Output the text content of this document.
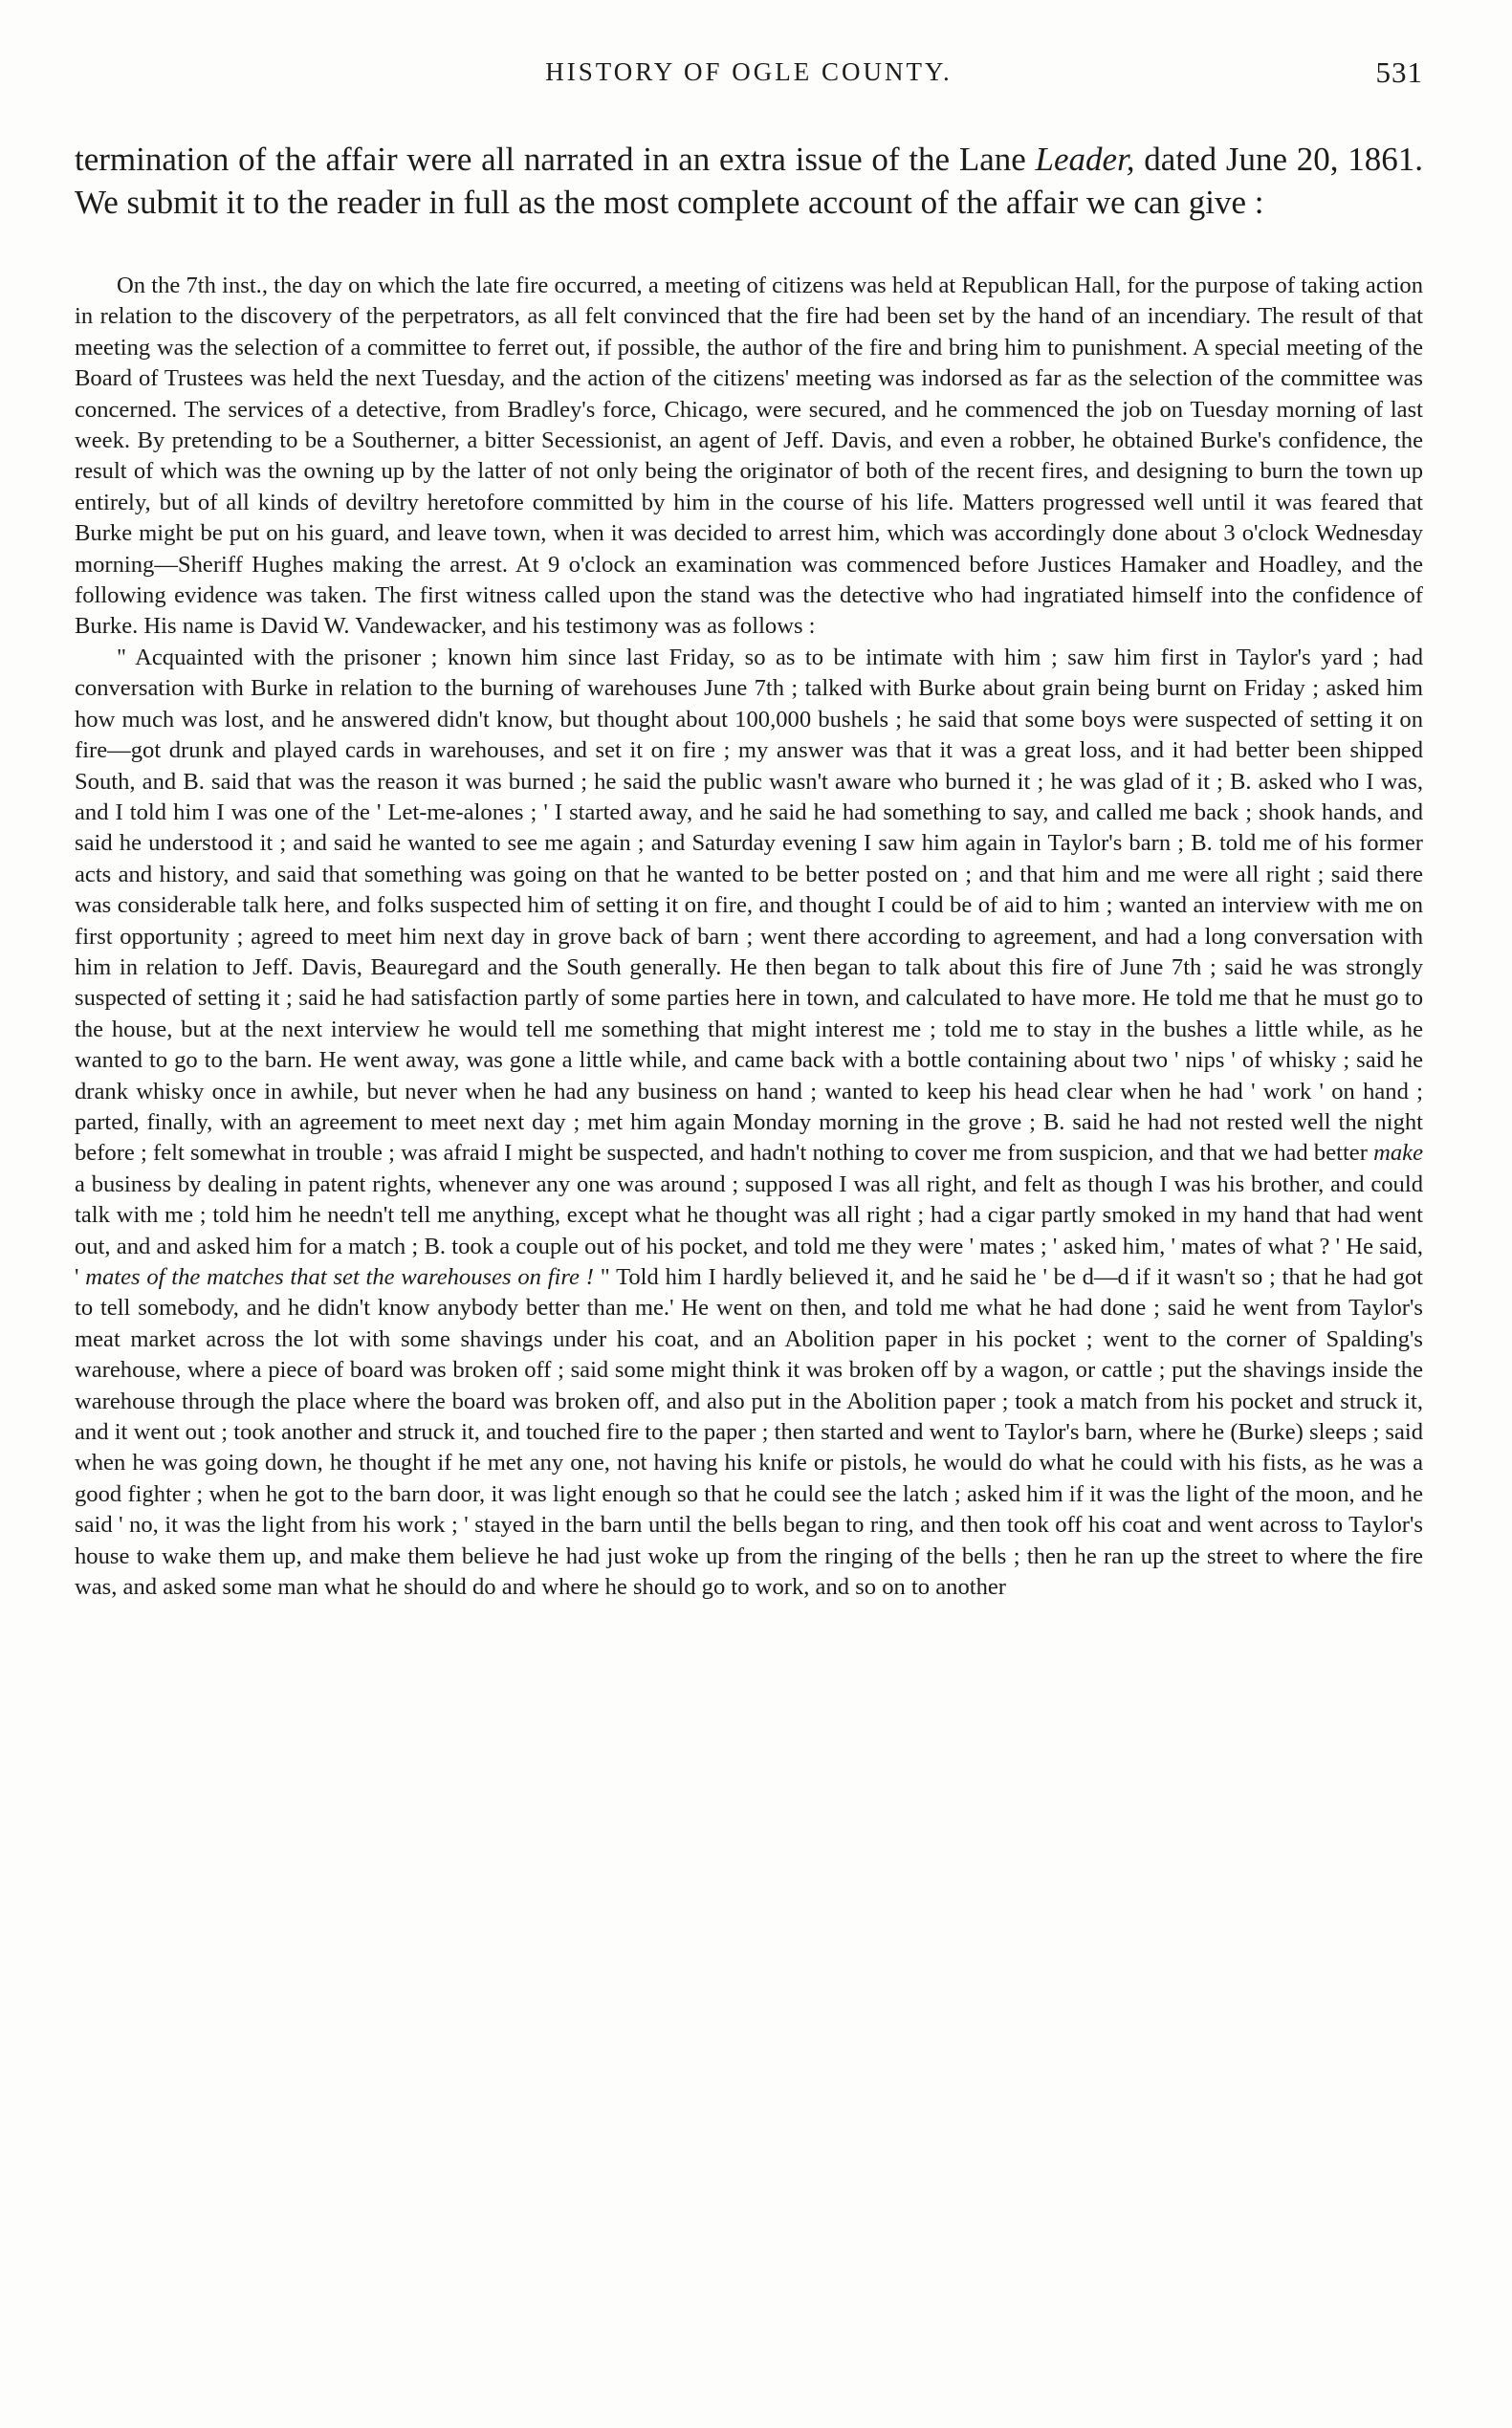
HISTORY OF OGLE COUNTY.	531

termination of the affair were all narrated in an extra issue of the Lane Leader, dated June 20, 1861. We submit it to the reader in full as the most complete account of the affair we can give :

On the 7th inst., the day on which the late fire occurred, a meeting of citizens was held at Republican Hall, for the purpose of taking action in relation to the discovery of the perpetrators, as all felt convinced that the fire had been set by the hand of an incendiary. The result of that meeting was the selection of a committee to ferret out, if possible, the author of the fire and bring him to punishment. A special meeting of the Board of Trustees was held the next Tuesday, and the action of the citizens' meeting was indorsed as far as the selection of the committee was concerned. The services of a detective, from Bradley's force, Chicago, were secured, and he commenced the job on Tuesday morning of last week. By pretending to be a Southerner, a bitter Secessionist, an agent of Jeff. Davis, and even a robber, he obtained Burke's confidence, the result of which was the owning up by the latter of not only being the originator of both of the recent fires, and designing to burn the town up entirely, but of all kinds of deviltry heretofore committed by him in the course of his life. Matters progressed well until it was feared that Burke might be put on his guard, and leave town, when it was decided to arrest him, which was accordingly done about 3 o'clock Wednesday morning—Sheriff Hughes making the arrest. At 9 o'clock an examination was commenced before Justices Hamaker and Hoadley, and the following evidence was taken. The first witness called upon the stand was the detective who had ingratiated himself into the confidence of Burke. His name is David W. Vandewacker, and his testimony was as follows :

" Acquainted with the prisoner ; known him since last Friday, so as to be intimate with him ; saw him first in Taylor's yard ; had conversation with Burke in relation to the burning of warehouses June 7th ; talked with Burke about grain being burnt on Friday ; asked him how much was lost, and he answered didn't know, but thought about 100,000 bushels ; he said that some boys were suspected of setting it on fire—got drunk and played cards in warehouses, and set it on fire ; my answer was that it was a great loss, and it had better been shipped South, and B. said that was the reason it was burned ; he said the public wasn't aware who burned it ; he was glad of it ; B. asked who I was, and I told him I was one of the ' Let-me-alones ; ' I started away, and he said he had something to say, and called me back ; shook hands, and said he understood it ; and said he wanted to see me again ; and Saturday evening I saw him again in Taylor's barn ; B. told me of his former acts and history, and said that something was going on that he wanted to be better posted on ; and that him and me were all right ; said there was considerable talk here, and folks suspected him of setting it on fire, and thought I could be of aid to him ; wanted an interview with me on first opportunity ; agreed to meet him next day in grove back of barn ; went there according to agreement, and had a long conversation with him in relation to Jeff. Davis, Beauregard and the South generally. He then began to talk about this fire of June 7th ; said he was strongly suspected of setting it ; said he had satisfaction partly of some parties here in town, and calculated to have more. He told me that he must go to the house, but at the next interview he would tell me something that might interest me ; told me to stay in the bushes a little while, as he wanted to go to the barn. He went away, was gone a little while, and came back with a bottle containing about two ' nips ' of whisky ; said he drank whisky once in awhile, but never when he had any business on hand ; wanted to keep his head clear when he had ' work ' on hand ; parted, finally, with an agreement to meet next day ; met him again Monday morning in the grove ; B. said he had not rested well the night before ; felt somewhat in trouble ; was afraid I might be suspected, and hadn't nothing to cover me from suspicion, and that we had better make a business by dealing in patent rights, whenever any one was around ; supposed I was all right, and felt as though I was his brother, and could talk with me ; told him he needn't tell me anything, except what he thought was all right ; had a cigar partly smoked in my hand that had went out, and and asked him for a match ; B. took a couple out of his pocket, and told me they were ' mates ; ' asked him, ' mates of what ? ' He said, ' mates of the matches that set the warehouses on fire ! " Told him I hardly believed it, and he said he ' be d—d if it wasn't so ; that he had got to tell somebody, and he didn't know anybody better than me.' He went on then, and told me what he had done ; said he went from Taylor's meat market across the lot with some shavings under his coat, and an Abolition paper in his pocket ; went to the corner of Spalding's warehouse, where a piece of board was broken off ; said some might think it was broken off by a wagon, or cattle ; put the shavings inside the warehouse through the place where the board was broken off, and also put in the Abolition paper ; took a match from his pocket and struck it, and it went out ; took another and struck it, and touched fire to the paper ; then started and went to Taylor's barn, where he (Burke) sleeps ; said when he was going down, he thought if he met any one, not having his knife or pistols, he would do what he could with his fists, as he was a good fighter ; when he got to the barn door, it was light enough so that he could see the latch ; asked him if it was the light of the moon, and he said ' no, it was the light from his work ; ' stayed in the barn until the bells began to ring, and then took off his coat and went across to Taylor's house to wake them up, and make them believe he had just woke up from the ringing of the bells ; then he ran up the street to where the fire was, and asked some man what he should do and where he should go to work, and so on to another
